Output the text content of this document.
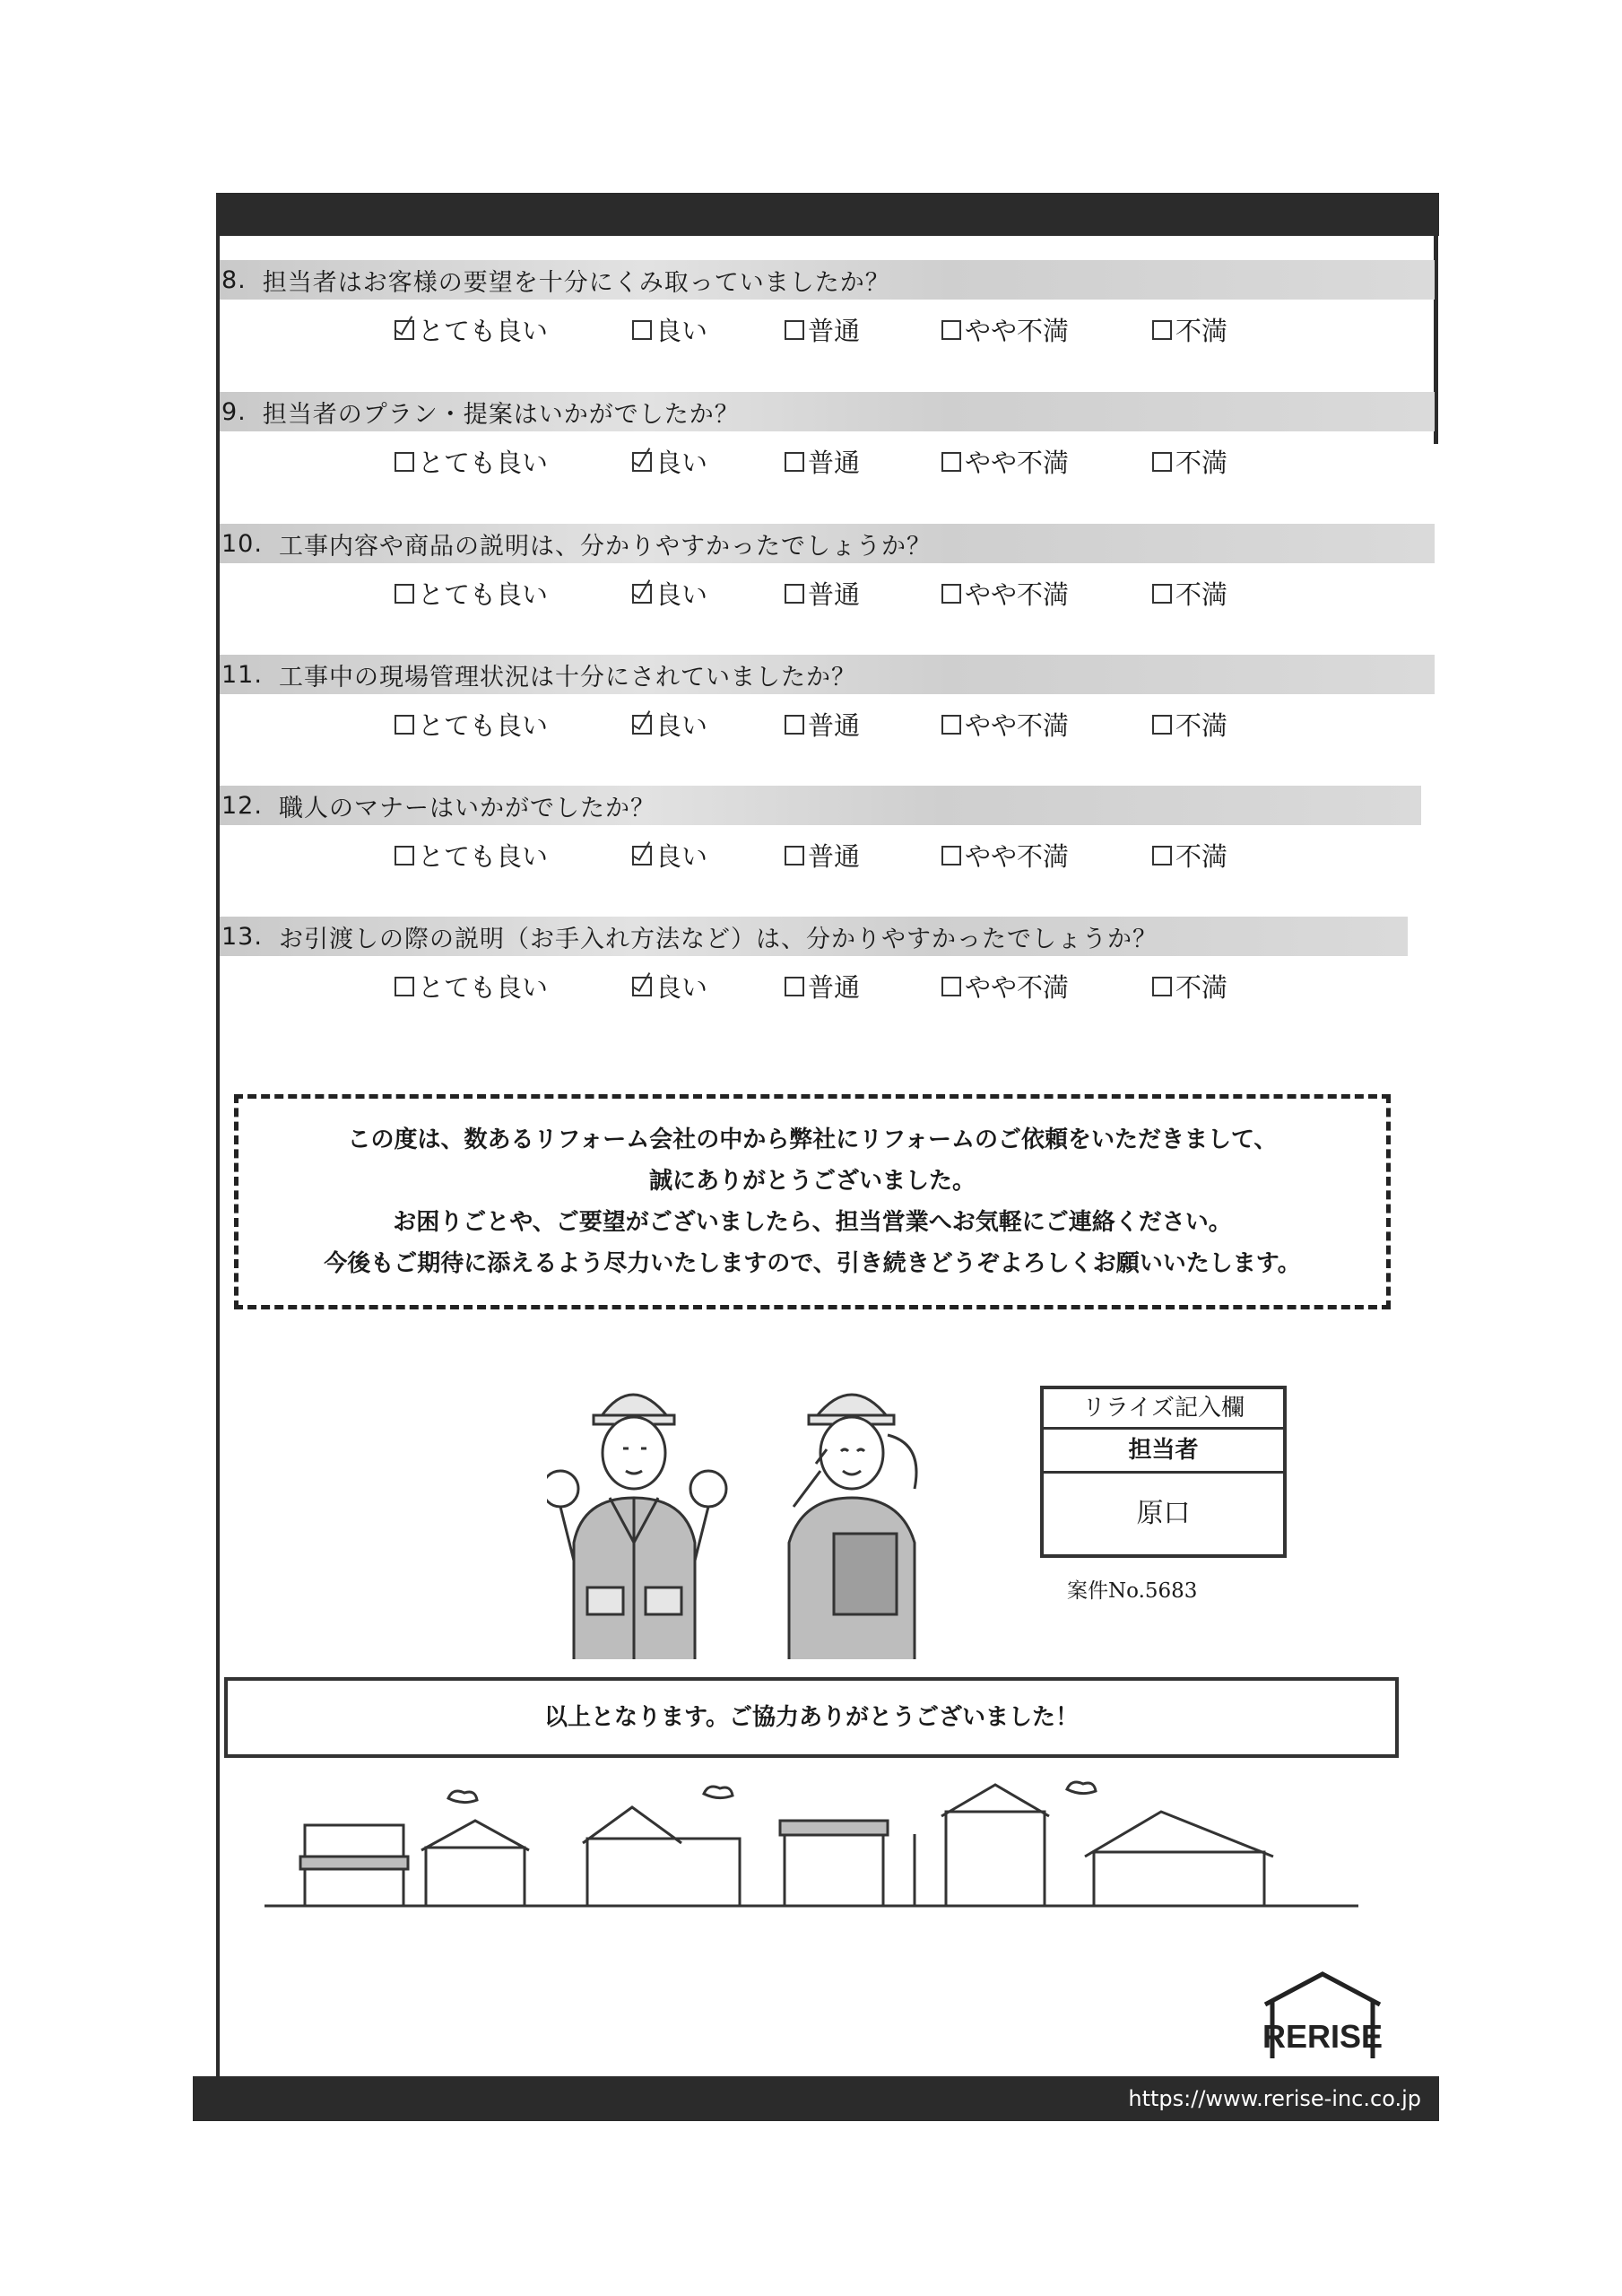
8. 担当者はお客様の要望を十分にくみ取っていましたか？
とても良い	良い	普通	やや不満	不満
9. 担当者のプラン・提案はいかがでしたか？
とても良い	良い	普通	やや不満	不満
10. 工事内容や商品の説明は、分かりやすかったでしょうか？
とても良い	良い	普通	やや不満	不満
11. 工事中の現場管理状況は十分にされていましたか？
とても良い	良い	普通	やや不満	不満
12. 職人のマナーはいかがでしたか？
とても良い	良い	普通	やや不満	不満
13. お引渡しの際の説明（お手入れ方法など）は、分かりやすかったでしょうか？
とても良い	良い	普通	やや不満	不満
この度は、数あるリフォーム会社の中から弊社にリフォームのご依頼をいただきまして、
誠にありがとうございました。
お困りごとや、ご要望がございましたら、担当営業へお気軽にご連絡ください。
今後もご期待に添えるよう尽力いたしますので、引き続きどうぞよろしくお願いいたします。
リライズ記入欄
担当者
原口
案件No.5683
以上となります。ご協力ありがとうございました！
RERISE
https://www.rerise-inc.co.jp
